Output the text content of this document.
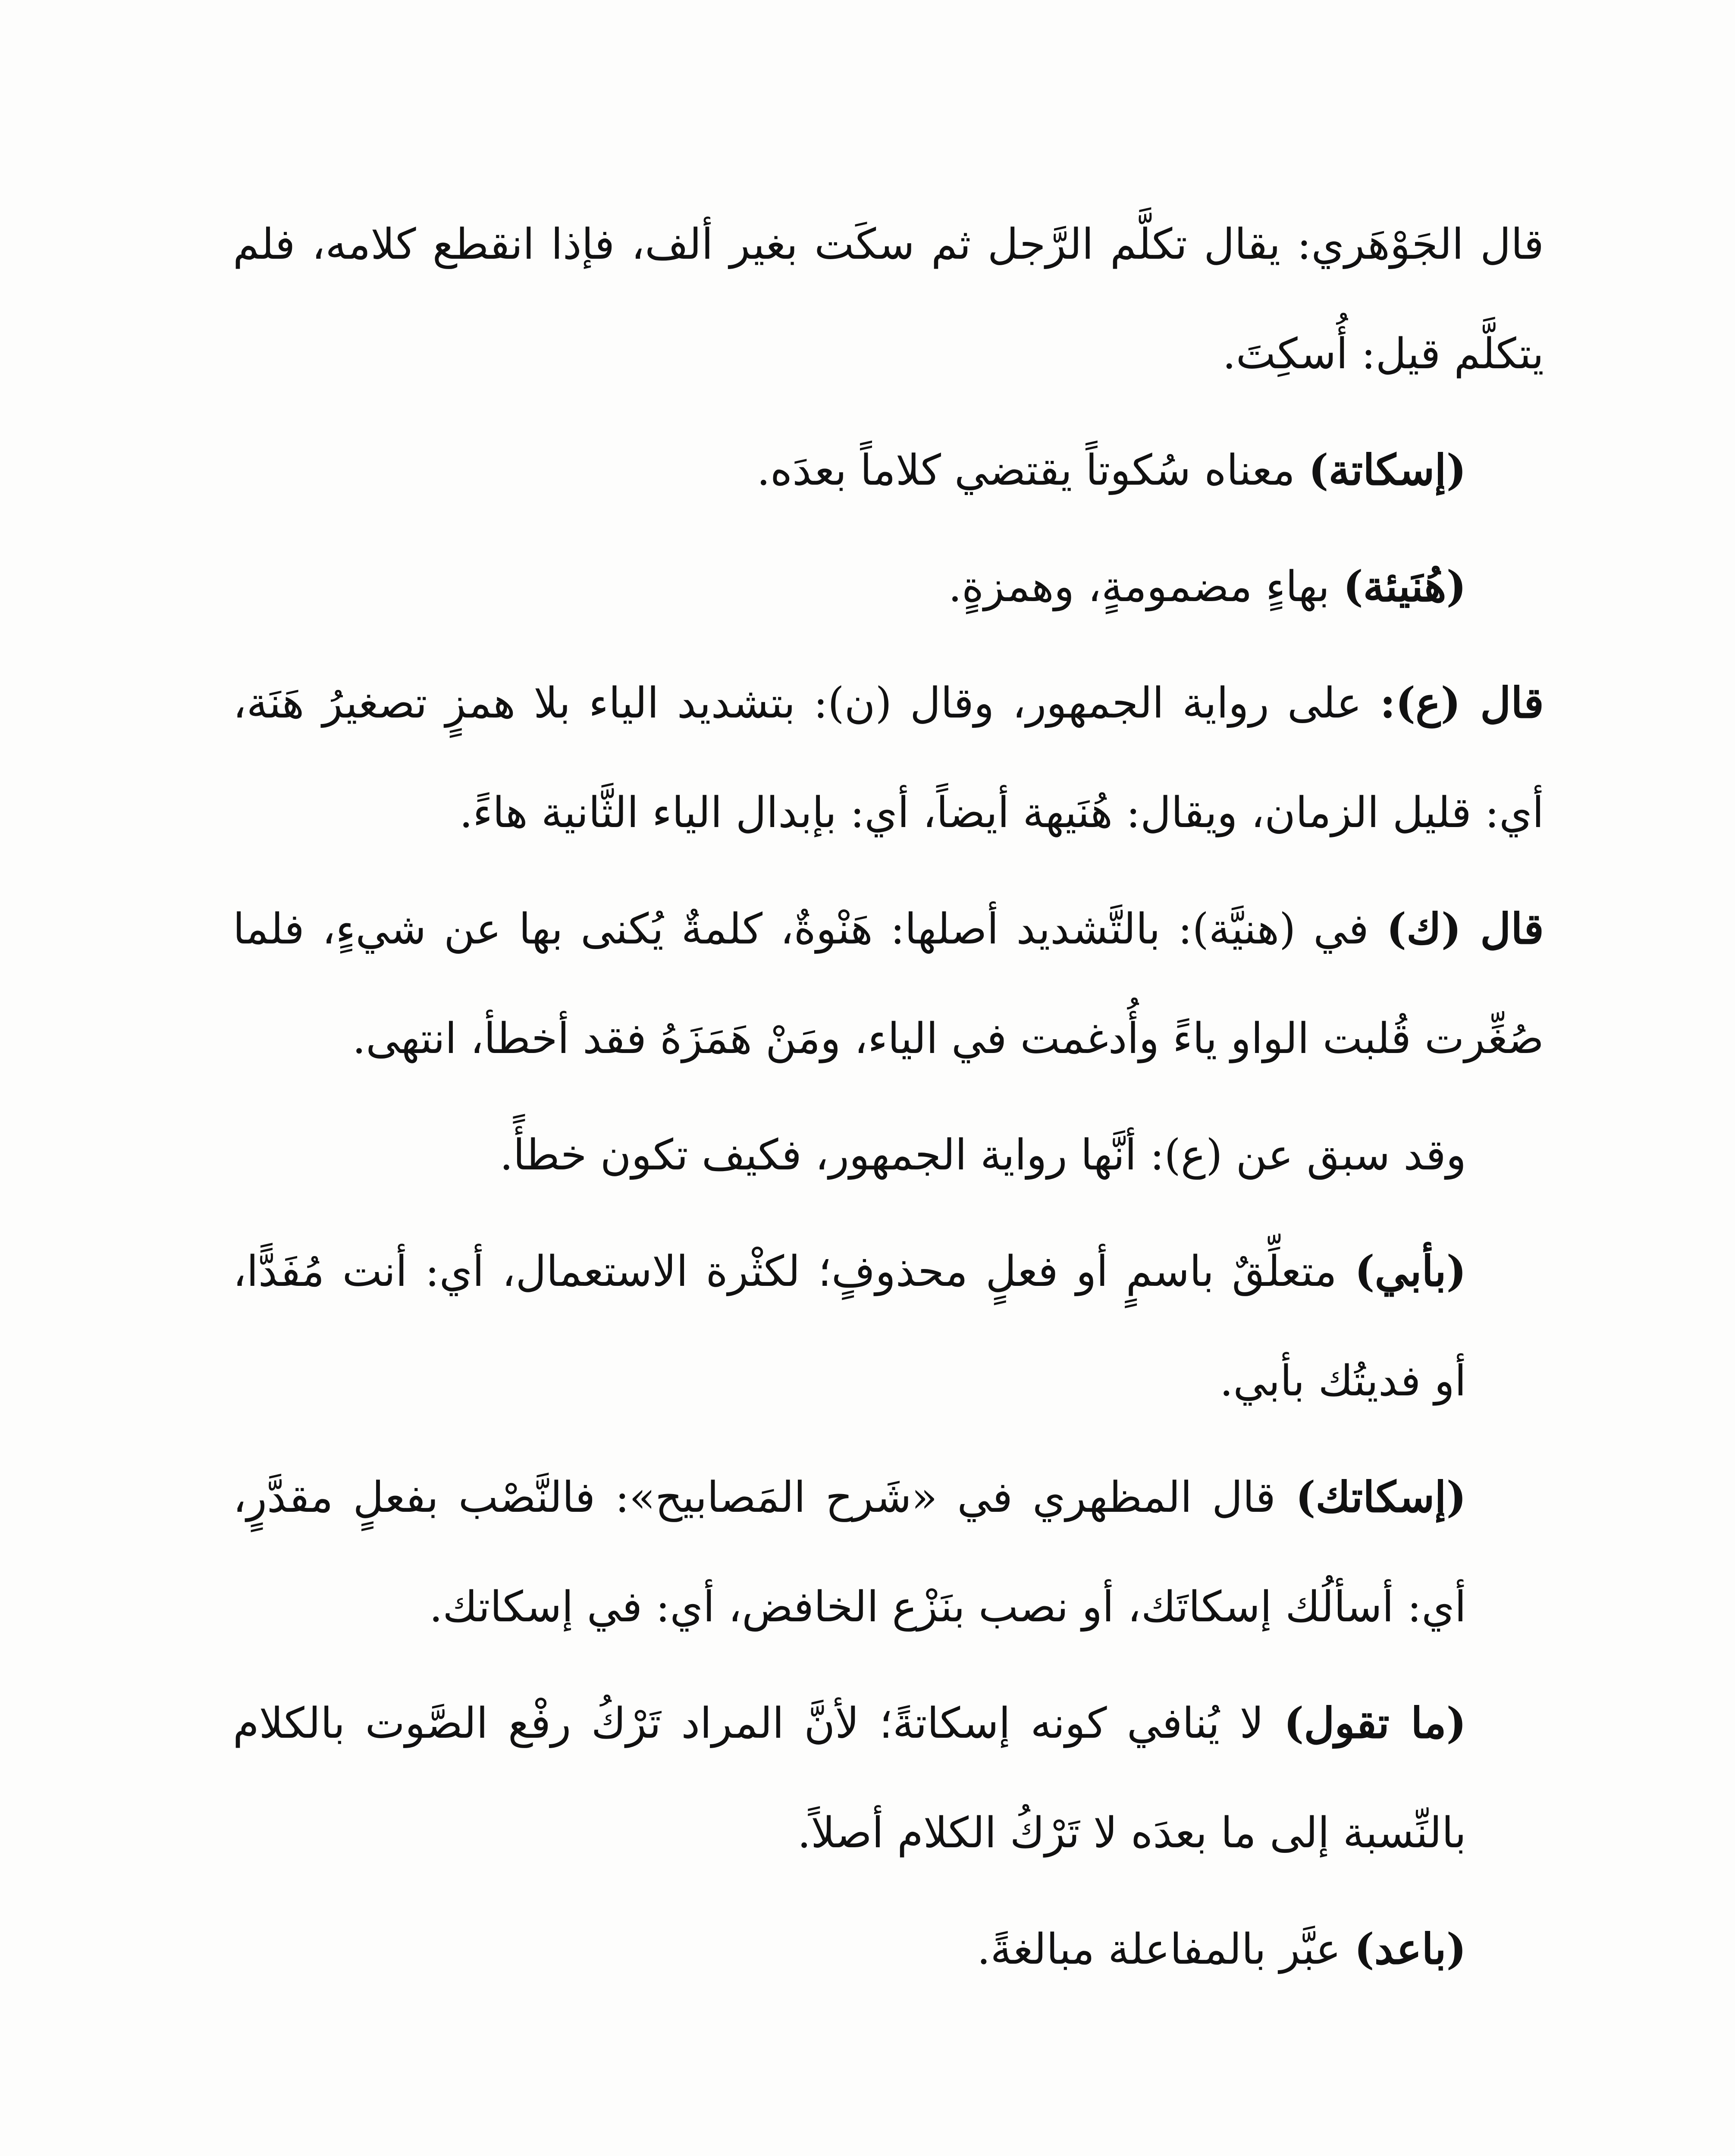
قال الجَوْهَري: يقال تكلَّم الرَّجل ثم سكَت بغير ألف، فإذا انقطع كلامه، فلم يتكلَّم قيل: أُسكِتَ.

(إسكاتة) معناه سُكوتاً يقتضي كلاماً بعدَه.

(هُنَيئة) بهاءٍ مضمومةٍ، وهمزةٍ.

قال (ع): على رواية الجمهور، وقال (ن): بتشديد الياء بلا همزٍ تصغيرُ هَنَة، أي: قليل الزمان، ويقال: هُنَيهة أيضاً، أي: بإبدال الياء الثَّانية هاءً.

قال (ك) في (هنيَّة): بالتَّشديد أصلها: هَنْوةٌ، كلمةٌ يُكنى بها عن شيءٍ، فلما صُغِّرت قُلبت الواو ياءً وأُدغمت في الياء، ومَنْ هَمَزَهُ فقد أخطأ، انتهى.

وقد سبق عن (ع): أنَّها رواية الجمهور، فكيف تكون خطأً.

(بأبي) متعلِّقٌ باسمٍ أو فعلٍ محذوفٍ؛ لكثْرة الاستعمال، أي: أنت مُفَدًّا، أو فديتُك بأبي.

(إسكاتك) قال المظهري في «شَرح المَصابيح»: فالنَّصْب بفعلٍ مقدَّرٍ، أي: أسألُك إسكاتَك، أو نصب بنَزْع الخافض، أي: في إسكاتك.

(ما تقول) لا يُنافي كونه إسكاتةً؛ لأنَّ المراد تَرْكُ رفْع الصَّوت بالكلام بالنِّسبة إلى ما بعدَه لا تَرْكُ الكلام أصلاً.

(باعد) عبَّر بالمفاعلة مبالغةً.
